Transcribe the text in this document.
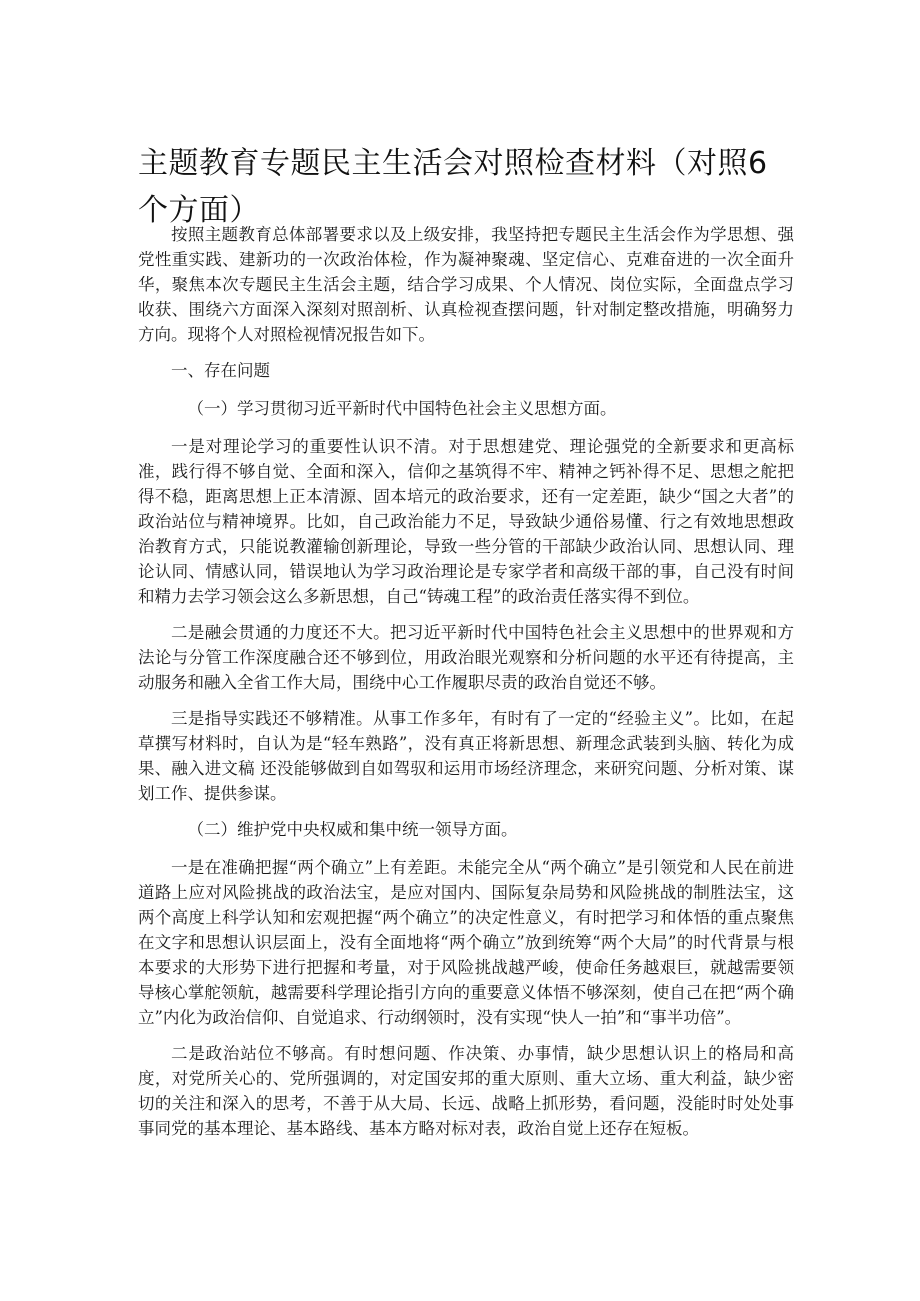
主题教育专题民主生活会对照检查材料（对照6个方面）

按照主题教育总体部署要求以及上级安排，我坚持把专题民主生活会作为学思想、强党性重实践、建新功的一次政治体检，作为凝神聚魂、坚定信心、克难奋进的一次全面升华，聚焦本次专题民主生活会主题，结合学习成果、个人情况、岗位实际，全面盘点学习收获、围绕六方面深入深刻对照剖析、认真检视查摆问题，针对制定整改措施，明确努力方向。现将个人对照检视情况报告如下。

一、存在问题

（一）学习贯彻习近平新时代中国特色社会主义思想方面。

一是对理论学习的重要性认识不清。对于思想建党、理论强党的全新要求和更高标准，践行得不够自觉、全面和深入，信仰之基筑得不牢、精神之钙补得不足、思想之舵把得不稳，距离思想上正本清源、固本培元的政治要求，还有一定差距，缺少“国之大者”的政治站位与精神境界。比如，自己政治能力不足，导致缺少通俗易懂、行之有效地思想政治教育方式，只能说教灌输创新理论，导致一些分管的干部缺少政治认同、思想认同、理论认同、情感认同，错误地认为学习政治理论是专家学者和高级干部的事，自己没有时间和精力去学习领会这么多新思想，自己“铸魂工程”的政治责任落实得不到位。

二是融会贯通的力度还不大。把习近平新时代中国特色社会主义思想中的世界观和方法论与分管工作深度融合还不够到位，用政治眼光观察和分析问题的水平还有待提高，主动服务和融入全省工作大局，围绕中心工作履职尽责的政治自觉还不够。

三是指导实践还不够精准。从事工作多年，有时有了一定的“经验主义”。比如，在起草撰写材料时，自认为是“轻车熟路”，没有真正将新思想、新理念武装到头脑、转化为成果、融入进文稿 还没能够做到自如驾驭和运用市场经济理念，来研究问题、分析对策、谋划工作、提供参谋。

（二）维护党中央权威和集中统一领导方面。

一是在准确把握“两个确立”上有差距。未能完全从“两个确立”是引领党和人民在前进道路上应对风险挑战的政治法宝，是应对国内、国际复杂局势和风险挑战的制胜法宝，这两个高度上科学认知和宏观把握“两个确立”的决定性意义，有时把学习和体悟的重点聚焦在文字和思想认识层面上，没有全面地将“两个确立”放到统筹“两个大局”的时代背景与根本要求的大形势下进行把握和考量，对于风险挑战越严峻，使命任务越艰巨，就越需要领导核心掌舵领航，越需要科学理论指引方向的重要意义体悟不够深刻，使自己在把“两个确立”内化为政治信仰、自觉追求、行动纲领时，没有实现“快人一拍”和“事半功倍”。

二是政治站位不够高。有时想问题、作决策、办事情，缺少思想认识上的格局和高度，对党所关心的、党所强调的，对定国安邦的重大原则、重大立场、重大利益，缺少密切的关注和深入的思考，不善于从大局、长远、战略上抓形势，看问题，没能时时处处事事同党的基本理论、基本路线、基本方略对标对表，政治自觉上还存在短板。
